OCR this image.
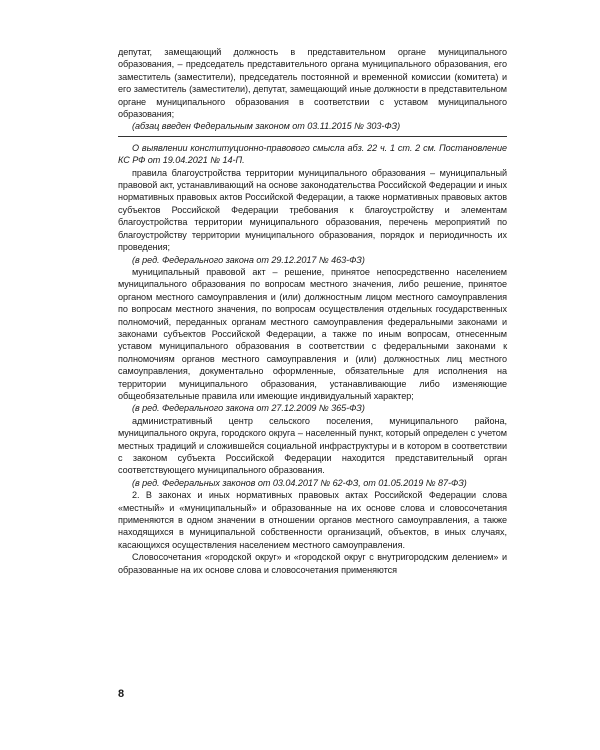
депутат, замещающий должность в представительном органе муниципального образования, – председатель представительного органа муниципального образования, его заместитель (заместители), председатель постоянной и временной комиссии (комитета) и его заместитель (заместители), депутат, замещающий иные должности в представительном органе муниципального образования в соответствии с уставом муниципального образования;

(абзац введен Федеральным законом от 03.11.2015 № 303-ФЗ)

О выявлении конституционно-правового смысла абз. 22 ч. 1 ст. 2 см. Постановление КС РФ от 19.04.2021 № 14-П.

правила благоустройства территории муниципального образования – муниципальный правовой акт, устанавливающий на основе законодательства Российской Федерации и иных нормативных правовых актов Российской Федерации, а также нормативных правовых актов субъектов Российской Федерации требования к благоустройству и элементам благоустройства территории муниципального образования, перечень мероприятий по благоустройству территории муниципального образования, порядок и периодичность их проведения;

(в ред. Федерального закона от 29.12.2017 № 463-ФЗ)

муниципальный правовой акт – решение, принятое непосредственно населением муниципального образования по вопросам местного значения, либо решение, принятое органом местного самоуправления и (или) должностным лицом местного самоуправления по вопросам местного значения, по вопросам осуществления отдельных государственных полномочий, переданных органам местного самоуправления федеральными законами и законами субъектов Российской Федерации, а также по иным вопросам, отнесенным уставом муниципального образования в соответствии с федеральными законами к полномочиям органов местного самоуправления и (или) должностных лиц местного самоуправления, документально оформленные, обязательные для исполнения на территории муниципального образования, устанавливающие либо изменяющие общеобязательные правила или имеющие индивидуальный характер;

(в ред. Федерального закона от 27.12.2009 № 365-ФЗ)

административный центр сельского поселения, муниципального района, муниципального округа, городского округа – населенный пункт, который определен с учетом местных традиций и сложившейся социальной инфраструктуры и в котором в соответствии с законом субъекта Российской Федерации находится представительный орган соответствующего муниципального образования.

(в ред. Федеральных законов от 03.04.2017 № 62-ФЗ, от 01.05.2019 № 87-ФЗ)

2. В законах и иных нормативных правовых актах Российской Федерации слова «местный» и «муниципальный» и образованные на их основе слова и словосочетания применяются в одном значении в отношении органов местного самоуправления, а также находящихся в муниципальной собственности организаций, объектов, в иных случаях, касающихся осуществления населением местного самоуправления.

Словосочетания «городской округ» и «городской округ с внутригородским делением» и образованные на их основе слова и словосочетания применяются

8
